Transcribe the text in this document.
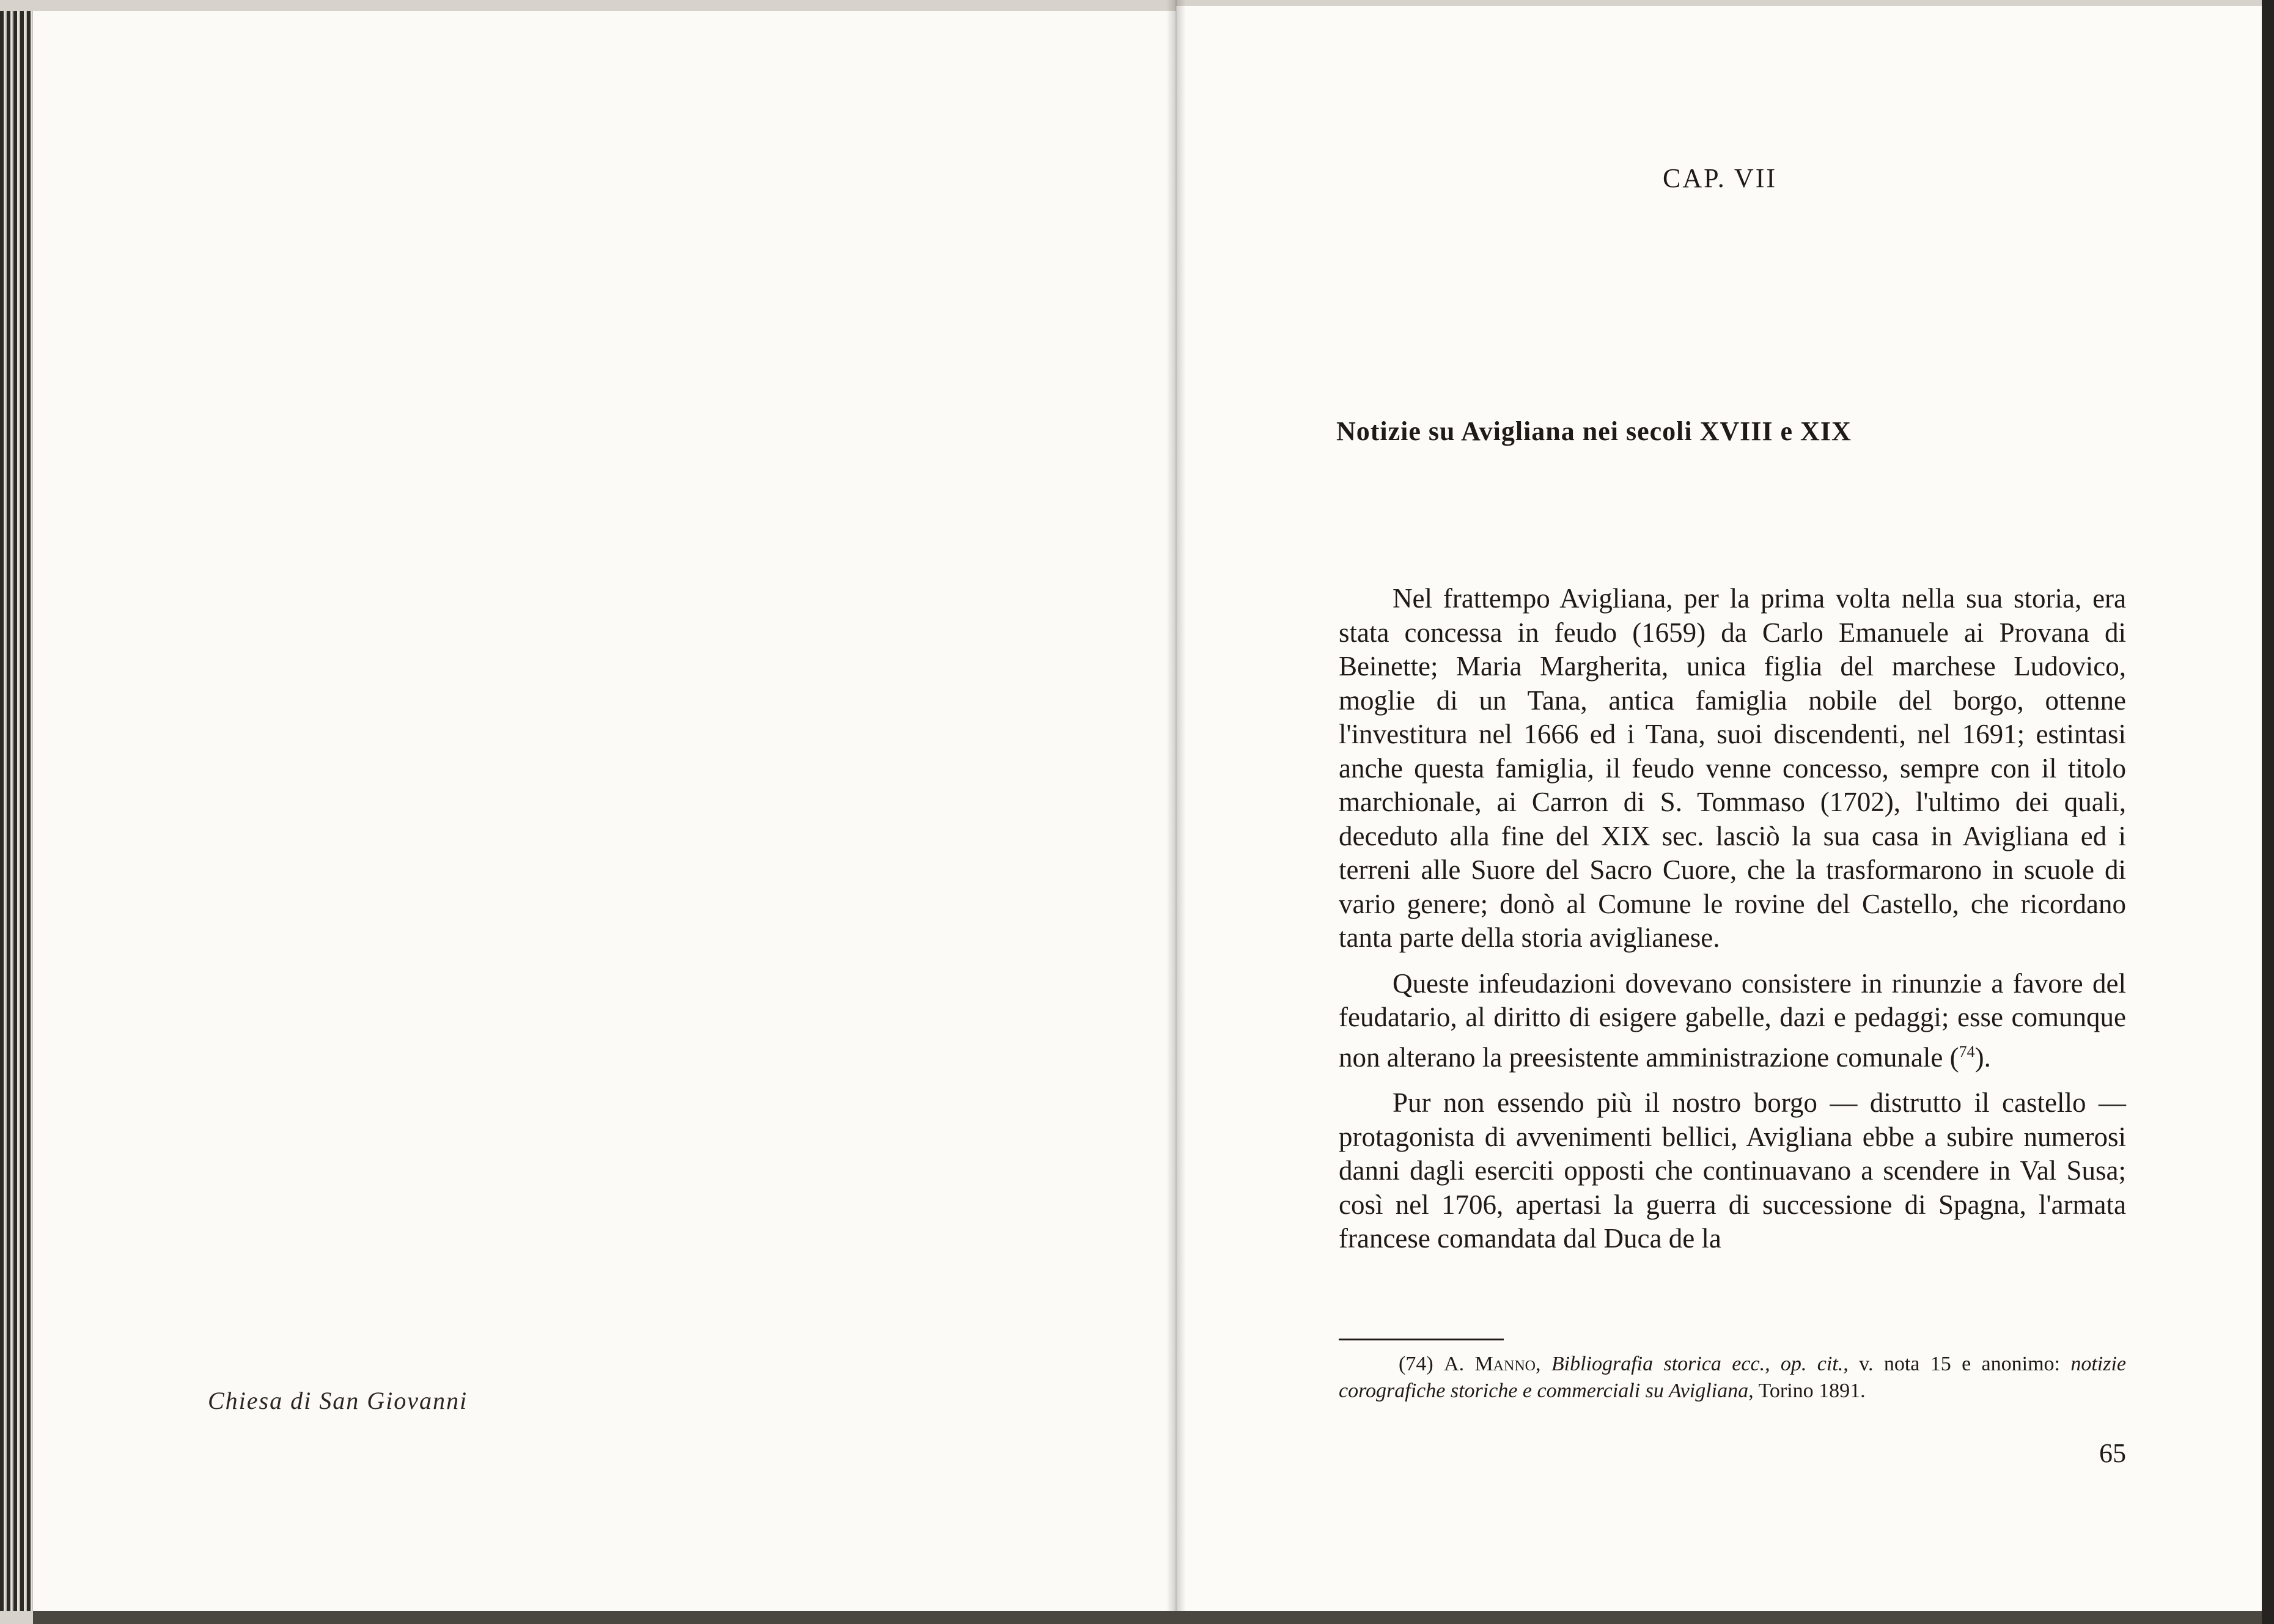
Chiesa di San Giovanni
CAP. VII
Notizie su Avigliana nei secoli XVIII e XIX

Nel frattempo Avigliana, per la prima volta nella sua storia, era stata concessa in feudo (1659) da Carlo Emanuele ai Provana di Beinette; Maria Margherita, unica figlia del marchese Ludovico, moglie di un Tana, antica famiglia nobile del borgo, ottenne l'investitura nel 1666 ed i Tana, suoi discendenti, nel 1691; estintasi anche questa famiglia, il feudo venne concesso, sempre con il titolo marchionale, ai Carron di S. Tommaso (1702), l'ultimo dei quali, deceduto alla fine del XIX sec. lasciò la sua casa in Avigliana ed i terreni alle Suore del Sacro Cuore, che la trasformarono in scuole di vario genere; donò al Comune le rovine del Castello, che ricordano tanta parte della storia aviglianese.

Queste infeudazioni dovevano consistere in rinunzie a favore del feudatario, al diritto di esigere gabelle, dazi e pedaggi; esse comunque non alterano la preesistente amministrazione comunale ($^{74}$).

Pur non essendo più il nostro borgo — distrutto il castello — protagonista di avvenimenti bellici, Avigliana ebbe a subire numerosi danni dagli eserciti opposti che continuavano a scendere in Val Susa; così nel 1706, apertasi la guerra di successione di Spagna, l'armata francese comandata dal Duca de la

(74) A. Manno, Bibliografia storica ecc., op. cit., v. nota 15 e anonimo: notizie corografiche storiche e commerciali su Avigliana, Torino 1891.
65
